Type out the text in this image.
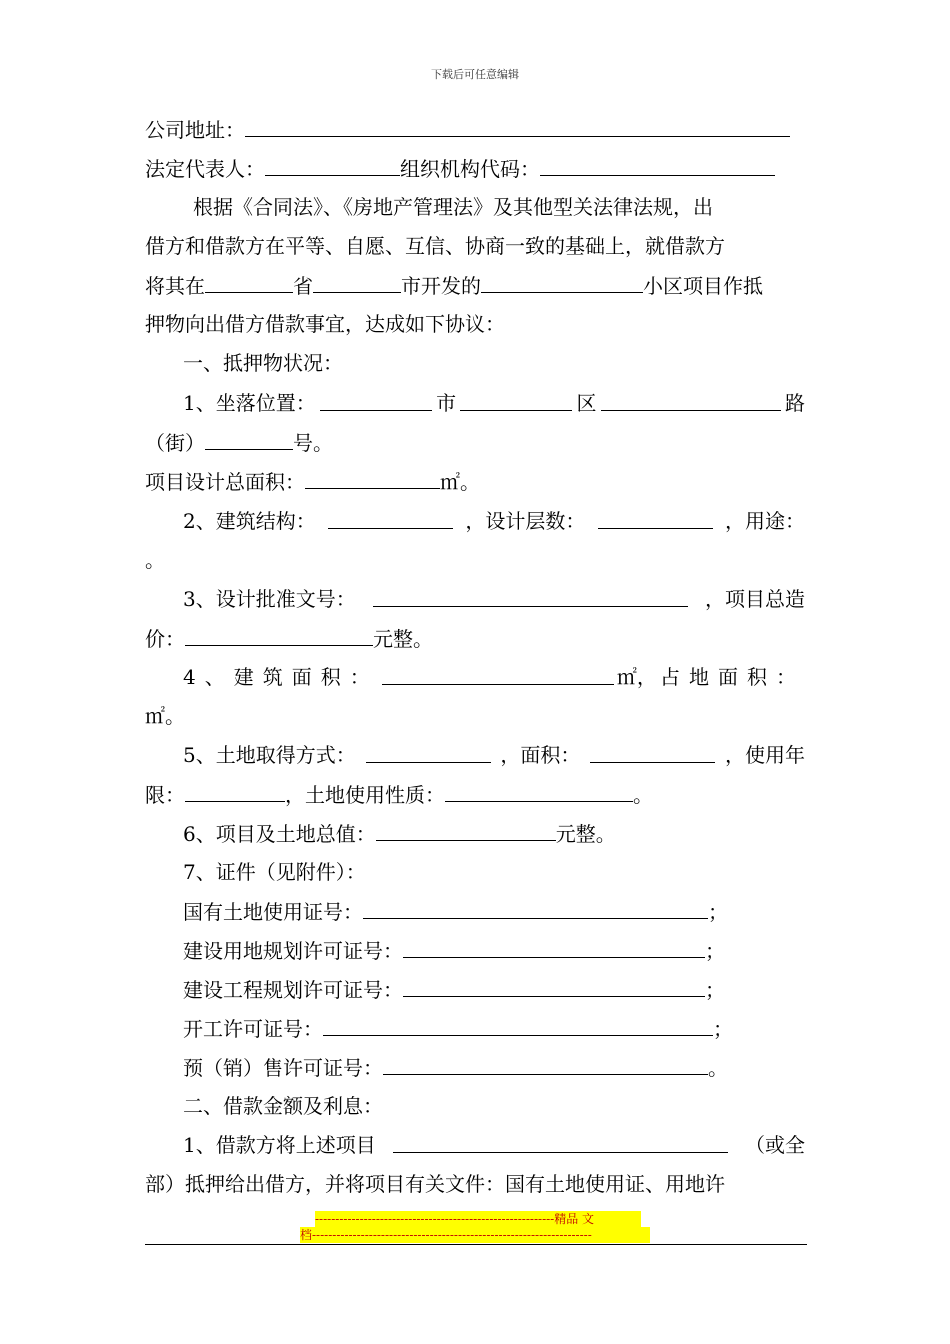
下载后可任意编辑
公司地址：
法定代表人：	组织机构代码：
根据《合同法》、《房地产管理法》及其他型关法律法规，出
借方和借款方在平等、自愿、互信、协商一致的基础上，就借款方
将其在	省	市开发的	小区项目作抵
押物向出借方借款事宜，达成如下协议：
一、抵押物状况：
1、坐落位置：	市	区	路
（街）	号。
项目设计总面积：	㎡。
2、建筑结构：	，设计层数：	，用途：
。
3、设计批准文号：	，项目总造
价：	元整。
4、建筑面积：	㎡， 占地面积：
㎡。
5、土地取得方式：	，面积：	，使用年
限：	，土地使用性质：	。
6、项目及土地总值：	元整。
7、证件（见附件）：
国有土地使用证号：	；
建设用地规划许可证号：	；
建设工程规划许可证号：	；
开工许可证号：	；
预（销）售许可证号：	。
二、借款金额及利息：
1、借款方将上述项目	（或全
部）抵押给出借方，并将项目有关文件：国有土地使用证、用地许
-----------------------------------------------------------精品 文
档---------------------------------------------------------------------
